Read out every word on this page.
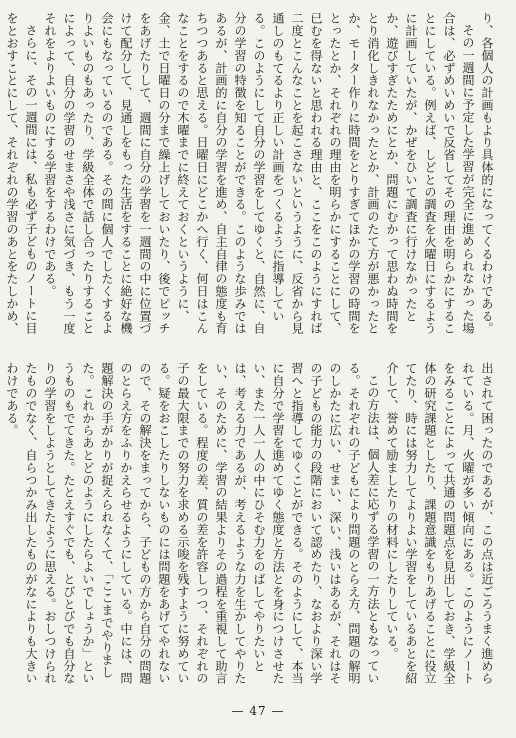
り、各個人の計画もより具体的になってくるわけである。

その一週間に予定した学習が完全に進められなかった場合は、必ずめいめいで反省してその理由を明らかにすることにしている。例えば、しどとの調査を火曜日にするように計画していたが、かぜをひいて調査に行けなかったとか、遊びすぎたためにとか、問題にむかって思わぬ時間をとり消化しきれなかったとか、計画のたて方が悪かったとか、モーター作りに時間をとりすぎてほかの学習の時間をとったとか、それぞれの理由を明らかにすることにして、已むを得ないと思われる理由と、ここをこのようにすれば二度とこんなことを起こさないというように、反省から見通しのもてるより正しい計画をつくるように指導している。このようにして自分の学習をしてゆくと、自然に、自分の学習の特徴を知ることができる。このような歩みではあるが、計画的に自分の学習を進め、自主自律の態度も育ちつつあると思える。日曜日にどこかへ行く、何日はこんなことをするので木曜までに終えておくというように、金、土で日曜日の分まで繰上げしておいたり、後でピッチをあげたりして、週間に自分の学習を一週間の中に位置づけて配分して、見通しをもった生活をすることに絶好な機会にもなっているのである。その間に個人でしたくするよりよいものもあったり、学級全体で話し合ったりすることによって、自分の学習のせまさや浅さに気づき、もう一度それをよりよいものにする学習をするわけである。

さらに、その一週間には、私も必ず子どものノートに目をとおすことにして、それぞれの学習のあとをたしかめ、

出されて困ったのであるが、この点は近ごろうまく進められている。月、火曜が多い傾向にある。このようにノートをみることによって共通の問題点を見出しておき、学級全体の研究課題としたり、課題意識をもりあげることに役立てたり、時には努力してよりよい学習をしているあとを紹介して、誉めて励ましたりの材料にしたりしている。

この方法は、個人差に応ずる学習の一方法ともなっている。それぞれの子どもにより問題のとらえ方、問題の解明のしかたに広い、せまい、深い、浅いはあるが、それはその子どもの能力の段階において認めたり、なおより深い学習へと指導してゆくことができる。そのようにして、本当に自分で学習を進めてゆく態度と方法とを身につけさせたい、また一人一人の中にひそむ力をのばしてやりたいとは、考える力であるが、考えるような力を生かしてやりたい、そのために、学習の結果よりその過程を重視して助言をしている。程度の差、質の差を許容しつつ、それぞれの子の最大限までの努力を求める示唆を残すように努めている。疑をおこしたりしないものには問題をあげてやれないので、その解決をまってから、子どもの方から自分の問題のとらえ方をふりかえらせるようにしている。中には、問題解決の手がかりが捉えられなくて、「ここまでやりました。これからあとどのようにしたらよいでしょうか」というものもでてきた。たとえすぐでも、とびとびでも自分なりの学習をしようとしてきたように思える。おしつけられたものでなく、自らつかみ出したものがなによりも大きいわけである。

— 47 —
